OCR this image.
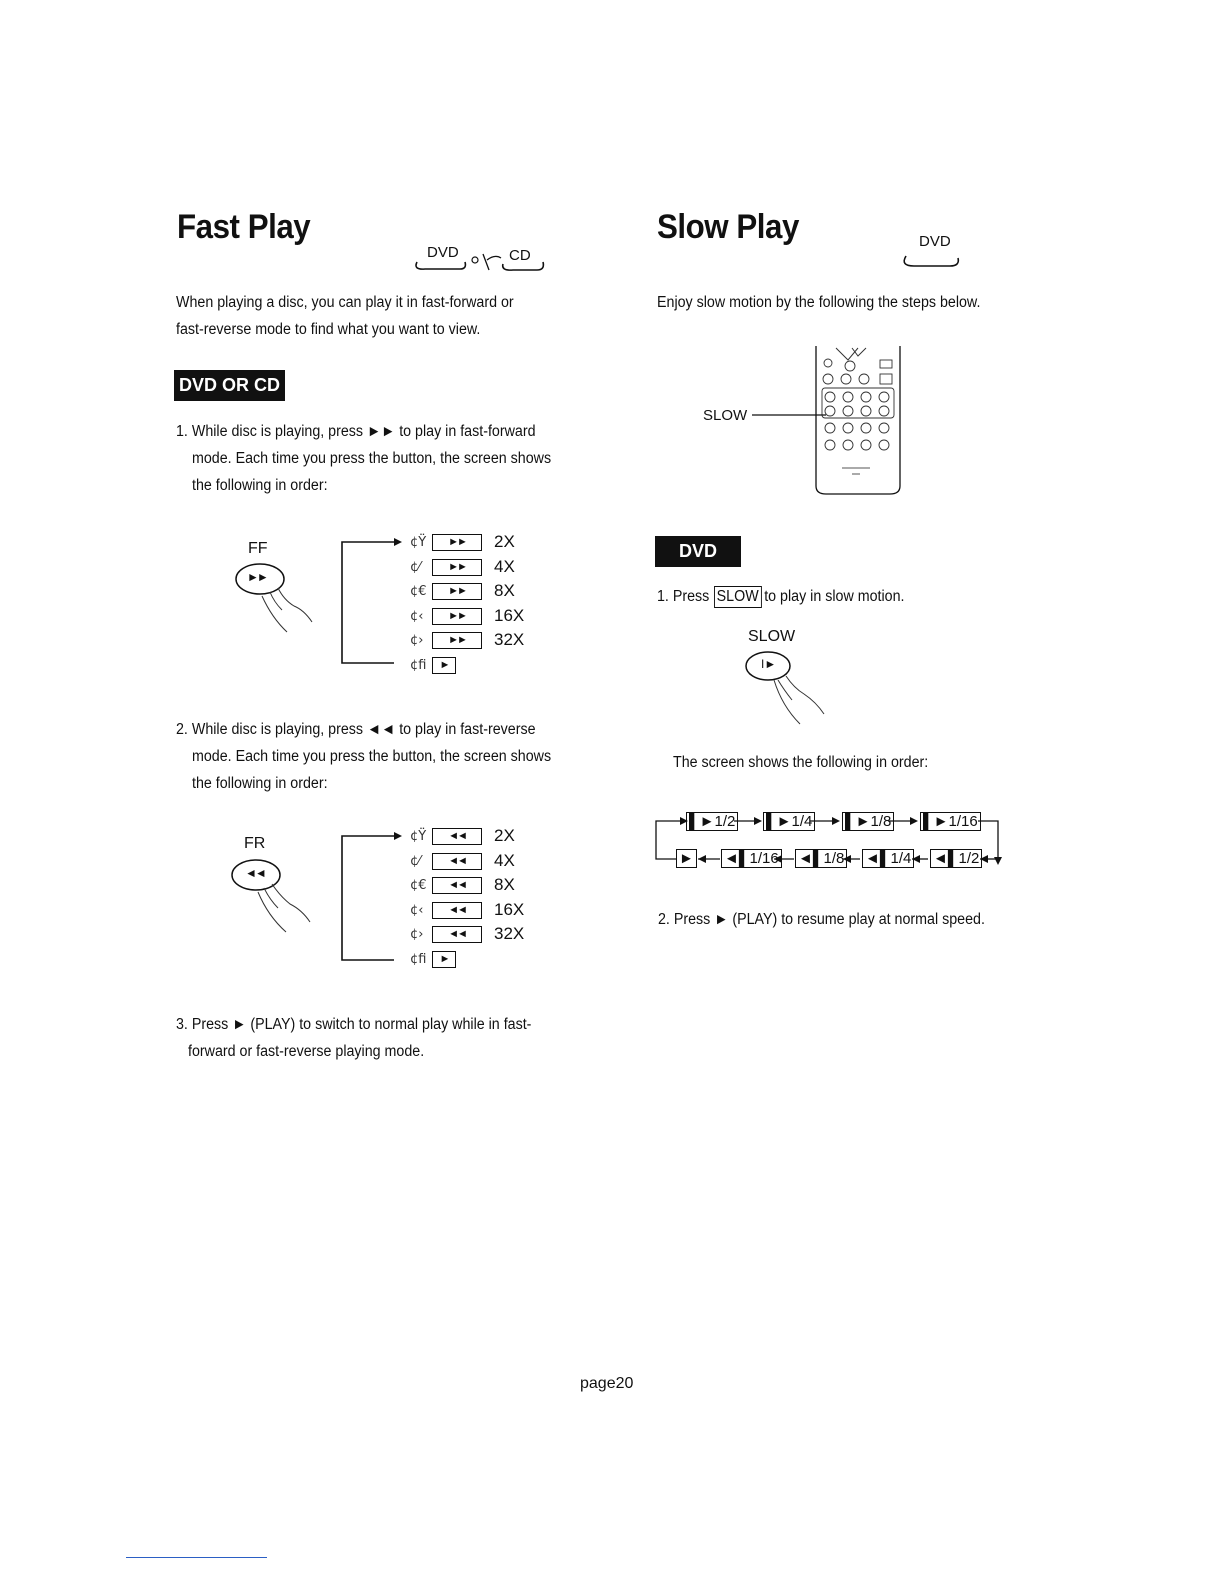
Fast Play
DVD	CD
When playing a disc, you can play it in fast-forward or
fast-reverse mode to find what you want to view.
DVD OR CD
1. While disc is playing, press ►► to play in fast-forward
mode. Each time you press the button, the screen shows
the following in order:
FF
►►
¢Ÿ	►►	2X
¢⁄	►►	4X
¢€	►►	8X
¢‹	►►	16X
¢›	►►	32X
¢ﬁ	►
2. While disc is playing, press ◄◄ to play in fast-reverse
mode. Each time you press the button, the screen shows
the following in order:
FR
◄◄
¢Ÿ	◄◄	2X
¢⁄	◄◄	4X
¢€	◄◄	8X
¢‹	◄◄	16X
¢›	◄◄	32X
¢ﬁ	►
3. Press ► (PLAY) to switch to normal play while in fast-
forward or fast-reverse playing mode.
Slow Play	DVD
Enjoy slow motion by the following the steps below.
SLOW
DVD
1. Press SLOW to play in slow motion.
SLOW
I►
The screen shows the following in order:
▌►1/2 ▌►1/4 ▌►1/8 ▌►1/16
► ◄▌1/16 ◄▌1/8 ◄▌1/4 ◄▌1/2
2. Press ► (PLAY) to resume play at normal speed.
page20
